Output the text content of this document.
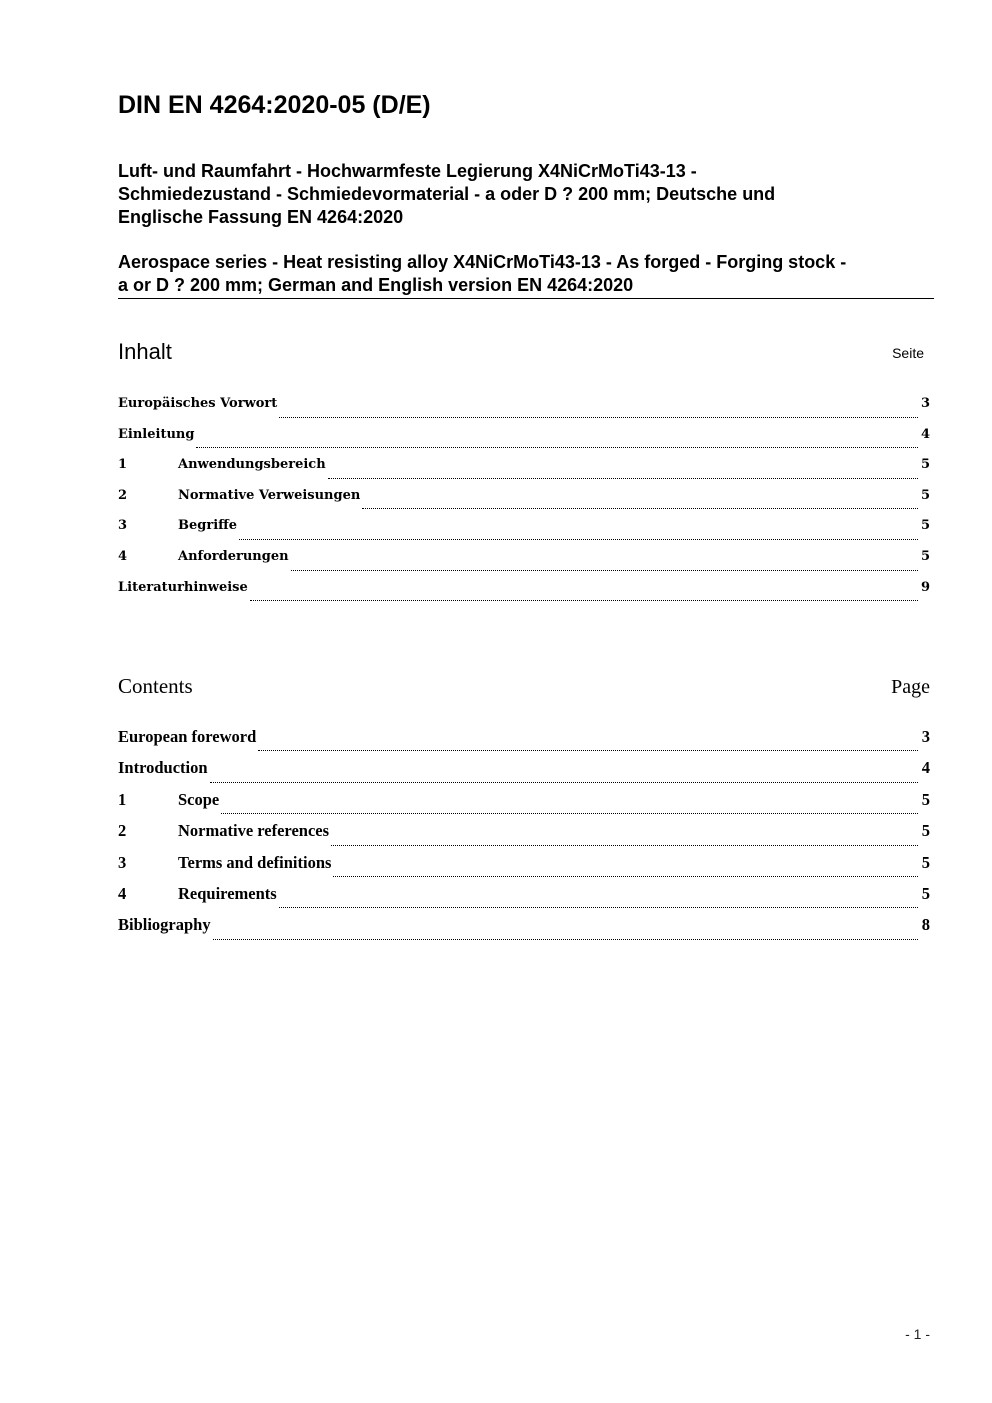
DIN EN 4264:2020-05 (D/E)
Luft- und Raumfahrt - Hochwarmfeste Legierung X4NiCrMoTi43-13 -
Schmiedezustand - Schmiedevormaterial - a oder D ? 200 mm; Deutsche und
Englische Fassung EN 4264:2020
Aerospace series - Heat resisting alloy X4NiCrMoTi43-13 - As forged - Forging stock -
a or D ? 200 mm; German and English version EN 4264:2020
Inhalt	Seite
Europäisches Vorwort	3
Einleitung	4
1	Anwendungsbereich	5
2	Normative Verweisungen	5
3	Begriffe	5
4	Anforderungen	5
Literaturhinweise	9
Contents	Page
European foreword	3
Introduction	4
1	Scope	5
2	Normative references	5
3	Terms and definitions	5
4	Requirements	5
Bibliography	8
- 1 -
